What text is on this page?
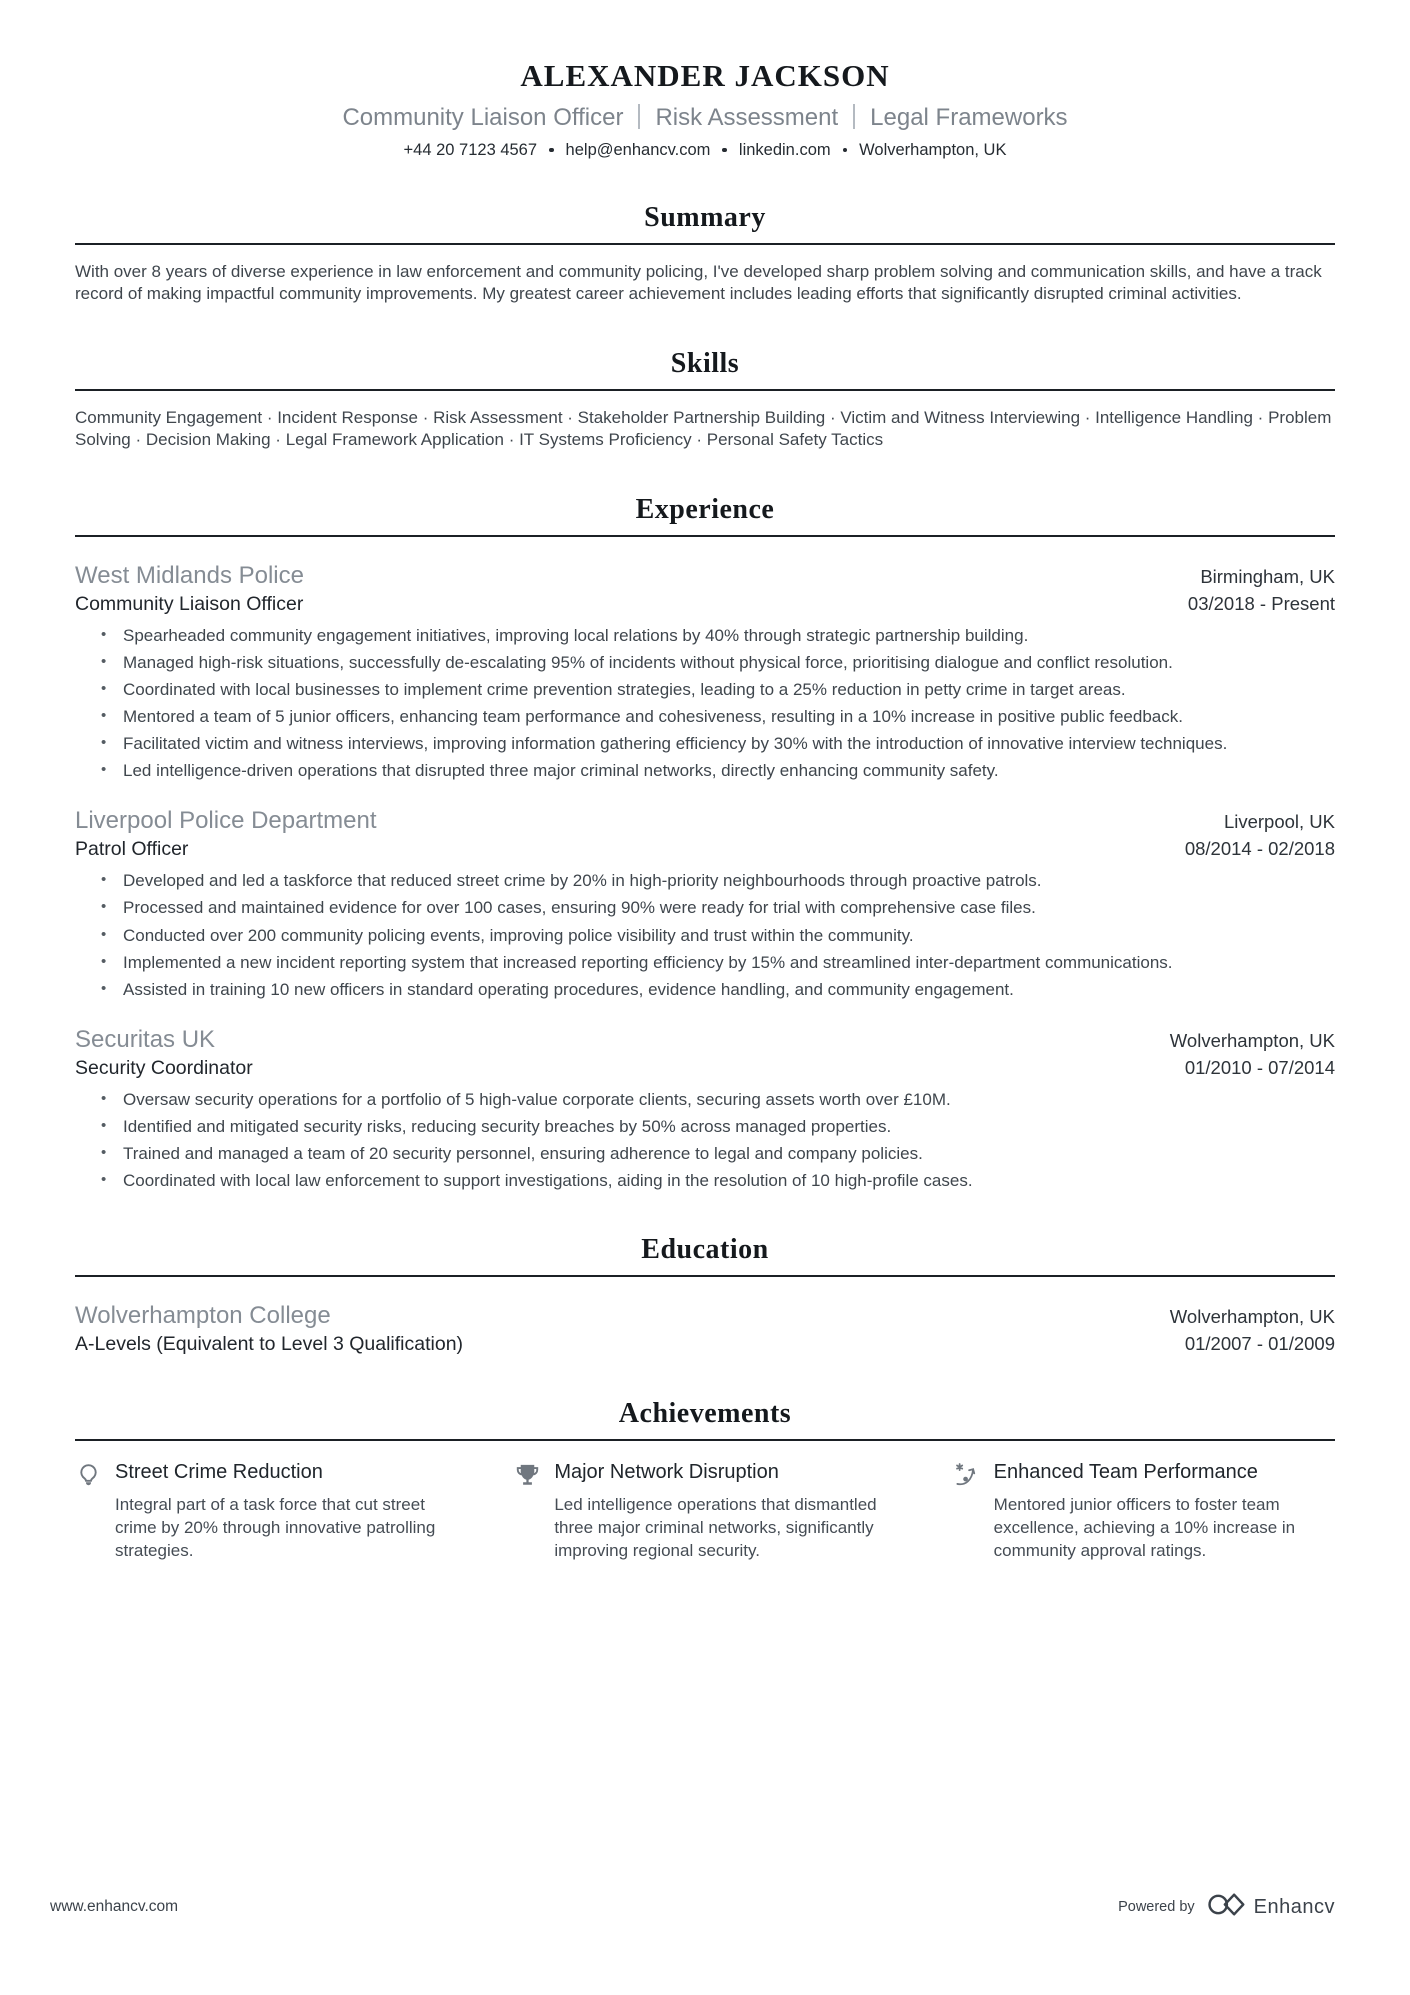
ALEXANDER JACKSON
Community Liaison Officer Risk Assessment Legal Frameworks
+44 20 7123 4567 help@enhancv.com linkedin.com Wolverhampton, UK
Summary

With over 8 years of diverse experience in law enforcement and community policing, I've developed sharp problem solving and communication skills, and have a track record of making impactful community improvements. My greatest career achievement includes leading efforts that significantly disrupted criminal activities.

Skills

Community Engagement · Incident Response · Risk Assessment · Stakeholder Partnership Building · Victim and Witness Interviewing · Intelligence Handling · Problem Solving · Decision Making · Legal Framework Application · IT Systems Proficiency · Personal Safety Tactics

Experience
West Midlands Police	Birmingham, UK
Community Liaison Officer	03/2018 - Present
• Spearheaded community engagement initiatives, improving local relations by 40% through strategic partnership building.
• Managed high-risk situations, successfully de-escalating 95% of incidents without physical force, prioritising dialogue and conflict resolution.
• Coordinated with local businesses to implement crime prevention strategies, leading to a 25% reduction in petty crime in target areas.
• Mentored a team of 5 junior officers, enhancing team performance and cohesiveness, resulting in a 10% increase in positive public feedback.
• Facilitated victim and witness interviews, improving information gathering efficiency by 30% with the introduction of innovative interview techniques.
• Led intelligence-driven operations that disrupted three major criminal networks, directly enhancing community safety.
Liverpool Police Department	Liverpool, UK
Patrol Officer	08/2014 - 02/2018
• Developed and led a taskforce that reduced street crime by 20% in high-priority neighbourhoods through proactive patrols.
• Processed and maintained evidence for over 100 cases, ensuring 90% were ready for trial with comprehensive case files.
• Conducted over 200 community policing events, improving police visibility and trust within the community.
• Implemented a new incident reporting system that increased reporting efficiency by 15% and streamlined inter-department communications.
• Assisted in training 10 new officers in standard operating procedures, evidence handling, and community engagement.
Securitas UK	Wolverhampton, UK
Security Coordinator	01/2010 - 07/2014
• Oversaw security operations for a portfolio of 5 high-value corporate clients, securing assets worth over £10M.
• Identified and mitigated security risks, reducing security breaches by 50% across managed properties.
• Trained and managed a team of 20 security personnel, ensuring adherence to legal and company policies.
• Coordinated with local law enforcement to support investigations, aiding in the resolution of 10 high-profile cases.
Education
Wolverhampton College	Wolverhampton, UK
A-Levels (Equivalent to Level 3 Qualification)	01/2007 - 01/2009
Achievements
Street Crime Reduction
Integral part of a task force that cut street crime by 20% through innovative patrolling strategies.
Major Network Disruption
Led intelligence operations that dismantled three major criminal networks, significantly improving regional security.
Enhanced Team Performance
Mentored junior officers to foster team excellence, achieving a 10% increase in community approval ratings.
www.enhancv.com	Powered by	Enhancv
